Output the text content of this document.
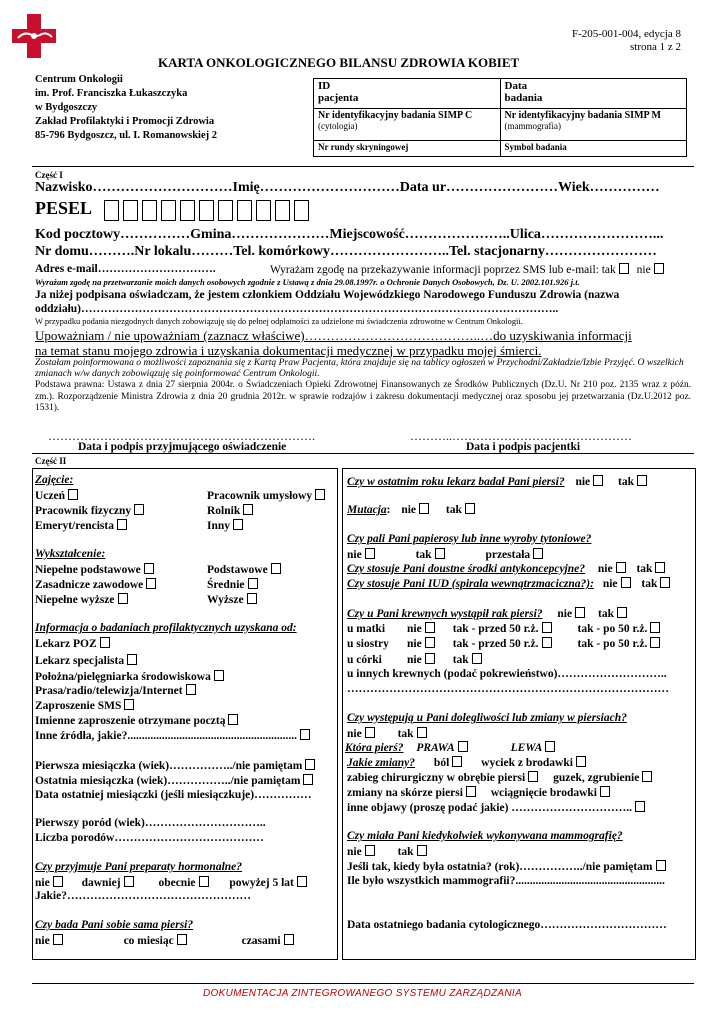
F-205-001-004, edycja 8
strona 1 z 2
KARTA ONKOLOGICZNEGO BILANSU ZDROWIA KOBIET
Centrum Onkologii
im. Prof. Franciszka Łukaszczyka
w Bydgoszczy
Zakład Profilaktyki i Promocji Zdrowia
85-796 Bydgoszcz, ul. I. Romanowskiej 2
ID
pacjenta	Data
badania
Nr identyfikacyjny badania SIMP C
(cytologia)	Nr identyfikacyjny badania SIMP M
(mammografia)
Nr rundy skryningowej	Symbol badania
Część I
Nazwisko…………………………Imię…………………………Data ur……………………Wiek……………
PESEL
Kod pocztowy……………Gmina…………………Miejscowość…………………..Ulica……………………...
Nr domu……….Nr lokalu………Tel. komórkowy……………………..Tel. stacjonarny……………………
Adres e-mail………………………….	Wyrażam zgodę na przekazywanie informacji poprzez SMS lub e-mail: tak nie
Wyrażam zgodę na przetwarzanie moich danych osobowych zgodnie z Ustawą z dnia 29.08.1997r. o Ochronie Danych Osobowych, Dz. U. 2002.101.926 j.t.
Ja niżej podpisana oświadczam, że jestem członkiem Oddziału Wojewódzkiego Narodowego Funduszu Zdrowia (nazwa oddziału)……………………………………………………………………………………………………………..
W przypadku podania niezgodnych danych zobowiązuję się do pełnej odpłatności za udzielone mi świadczenia zdrowotne w Centrum Onkologii.
Upoważniam / nie upoważniam (zaznacz właściwe)…………………………………..…do uzyskiwania informacji
na temat stanu mojego zdrowia i uzyskania dokumentacji medycznej w przypadku mojej śmierci.
Zostałam poinformowana o możliwości zapoznania się z Kartą Praw Pacjenta, która znajduje się na tablicy ogłoszeń w Przychodni/Zakładzie/Izbie Przyjęć. O wszelkich zmianach w/w danych zobowiązuję się poinformować Centrum Onkologii.
Podstawa prawna: Ustawa z dnia 27 sierpnia 2004r. o Świadczeniach Opieki Zdrowotnej Finansowanych ze Środków Publicznych (Dz.U. Nr 210 poz. 2135 wraz z późn. zm.). Rozporządzenie Ministra Zdrowia z dnia 20 grudnia 2012r. w sprawie rodzajów i zakresu dokumentacji medycznej oraz sposobu jej przetwarzania (Dz.U.2012 poz. 1531).
………………………………………………………….	………..………………………………………
Data i podpis przyjmującego oświadczenie	Data i podpis pacjentki
Część II
Zajęcie:
Uczeń	Pracownik umysłowy
Pracownik fizyczny	Rolnik
Emeryt/rencista	Inny
Wykształcenie:
Niepełne podstawowe	Podstawowe
Zasadnicze zawodowe	Średnie
Niepełne wyższe	Wyższe
Informacja o badaniach profilaktycznych uzyskana od:
Lekarz POZ
Lekarz specjalista
Położna/pielęgniarka środowiskowa
Prasa/radio/telewizja/Internet
Zaproszenie SMS
Imienne zaproszenie otrzymane pocztą
Inne źródła, jakie?...........................................................
Pierwsza miesiączka (wiek)……………../nie pamiętam
Ostatnia miesiączka (wiek)……………../nie pamiętam
Data ostatniej miesiączki (jeśli miesiączkuje)……………
Pierwszy poród (wiek)…………………………..
Liczba porodów…………………………………
Czy przyjmuje Pani preparaty hormonalne?
nie	dawniej	obecnie	powyżej 5 lat
Jakie?…………………………………………
Czy bada Pani sobie sama piersi?
nie	co miesiąc	czasami
Czy w ostatnim roku lekarz badał Pani piersi? nie tak
Mutacja: nie	tak
Czy pali Pani papierosy lub inne wyroby tytoniowe?
nie	tak	przestała
Czy stosuje Pani doustne środki antykoncepcyjne? nie tak
Czy stosuje Pani IUD (spirala wewnątrzmaciczna?): nie tak
Czy u Pani krewnych wystąpił rak piersi? nie tak
u matki nie	tak - przed 50 r.ż.	tak - po 50 r.ż.
u siostry nie	tak - przed 50 r.ż.	tak - po 50 r.ż.
u córki nie	tak
u innych krewnych (podać pokrewieństwo)………………………..
…………………………………………………………………………
Czy występują u Pani dolegliwości lub zmiany w piersiach?
nie	tak
Która pierś? PRAWA	LEWA
Jakie zmiany? ból	wyciek z brodawki
zabieg chirurgiczny w obrębie piersi guzek, zgrubienie
zmiany na skórze piersi wciągnięcie brodawki
inne objawy (proszę podać jakie) …………………………..
Czy miała Pani kiedykolwiek wykonywana mammografię?
nie	tak
Jeśli tak, kiedy była ostatnia? (rok)……………../nie pamiętam
Ile było wszystkich mammografii?....................................................
Data ostatniego badania cytologicznego……………………………
DOKUMENTACJA ZINTEGROWANEGO SYSTEMU ZARZĄDZANIA
